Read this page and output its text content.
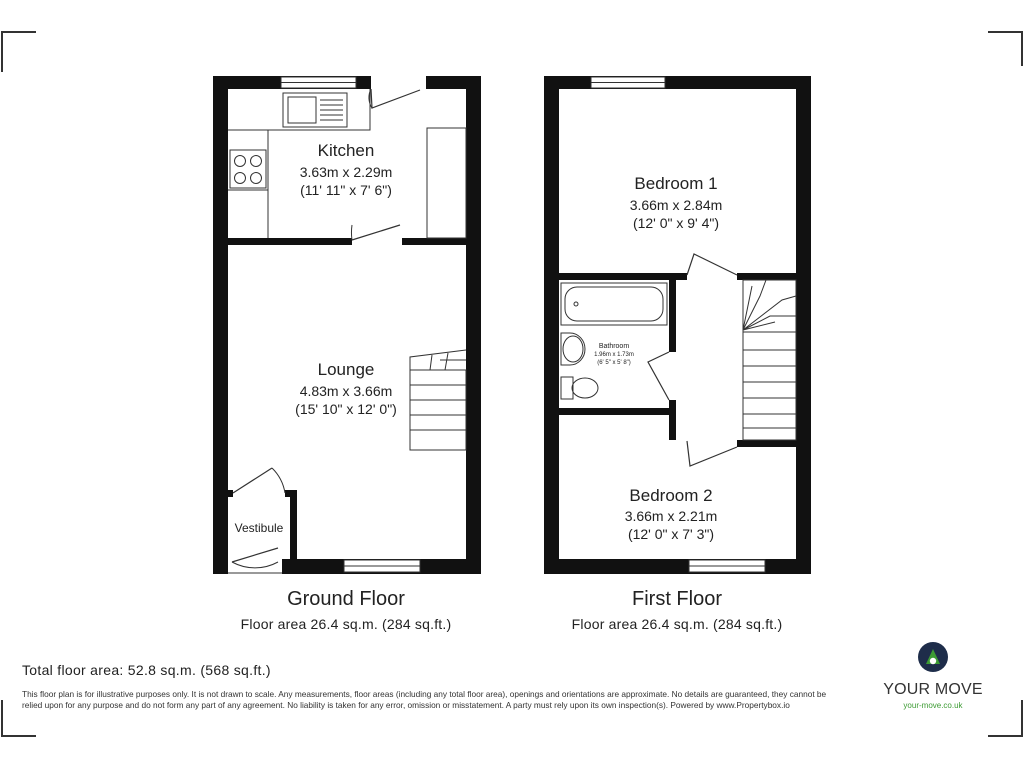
Kitchen
3.63m x 2.29m
(11' 11" x 7' 6")
Lounge
4.83m x 3.66m
(15' 10" x 12' 0")
Vestibule
Bedroom 1
3.66m x 2.84m
(12' 0" x 9' 4")
Bathroom
1.96m x 1.73m
(6' 5" x 5' 8")
Bedroom 2
3.66m x 2.21m
(12' 0" x 7' 3")
Ground Floor
Floor area 26.4 sq.m. (284 sq.ft.)
First Floor
Floor area 26.4 sq.m. (284 sq.ft.)
Total floor area: 52.8 sq.m. (568 sq.ft.)
This floor plan is for illustrative purposes only. It is not drawn to scale. Any measurements, floor areas (including any total floor area), openings and orientations are approximate. No details are guaranteed, they cannot be relied upon for any purpose and do not form any part of any agreement. No liability is taken for any error, omission or misstatement. A party must rely upon its own inspection(s). Powered by www.Propertybox.io
YOUR MOVE
your-move.co.uk
